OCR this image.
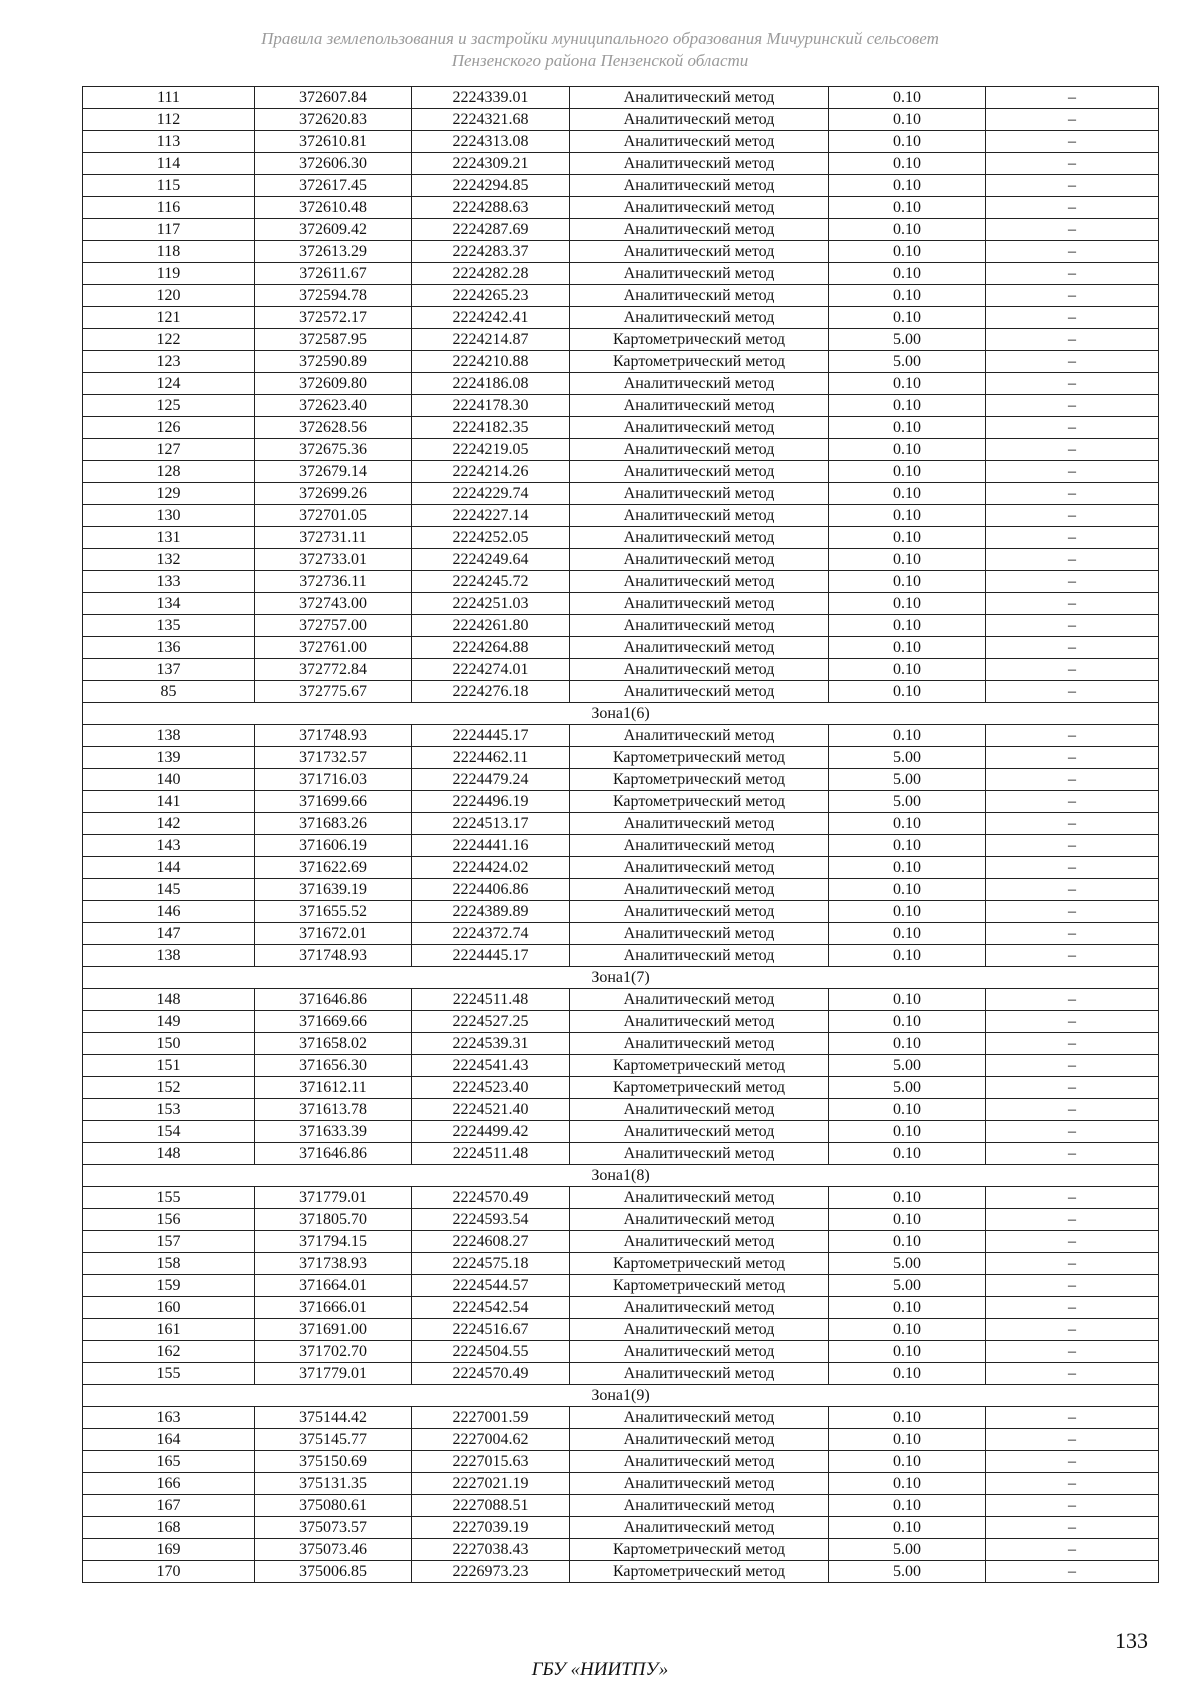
Правила землепользования и застройки муниципального образования Мичуринский сельсовет
Пензенского района Пензенской области
111	372607.84	2224339.01	Аналитический метод	0.10	–
112	372620.83	2224321.68	Аналитический метод	0.10	–
113	372610.81	2224313.08	Аналитический метод	0.10	–
114	372606.30	2224309.21	Аналитический метод	0.10	–
115	372617.45	2224294.85	Аналитический метод	0.10	–
116	372610.48	2224288.63	Аналитический метод	0.10	–
117	372609.42	2224287.69	Аналитический метод	0.10	–
118	372613.29	2224283.37	Аналитический метод	0.10	–
119	372611.67	2224282.28	Аналитический метод	0.10	–
120	372594.78	2224265.23	Аналитический метод	0.10	–
121	372572.17	2224242.41	Аналитический метод	0.10	–
122	372587.95	2224214.87	Картометрический метод	5.00	–
123	372590.89	2224210.88	Картометрический метод	5.00	–
124	372609.80	2224186.08	Аналитический метод	0.10	–
125	372623.40	2224178.30	Аналитический метод	0.10	–
126	372628.56	2224182.35	Аналитический метод	0.10	–
127	372675.36	2224219.05	Аналитический метод	0.10	–
128	372679.14	2224214.26	Аналитический метод	0.10	–
129	372699.26	2224229.74	Аналитический метод	0.10	–
130	372701.05	2224227.14	Аналитический метод	0.10	–
131	372731.11	2224252.05	Аналитический метод	0.10	–
132	372733.01	2224249.64	Аналитический метод	0.10	–
133	372736.11	2224245.72	Аналитический метод	0.10	–
134	372743.00	2224251.03	Аналитический метод	0.10	–
135	372757.00	2224261.80	Аналитический метод	0.10	–
136	372761.00	2224264.88	Аналитический метод	0.10	–
137	372772.84	2224274.01	Аналитический метод	0.10	–
85	372775.67	2224276.18	Аналитический метод	0.10	–
Зона1(6)					
138	371748.93	2224445.17	Аналитический метод	0.10	–
139	371732.57	2224462.11	Картометрический метод	5.00	–
140	371716.03	2224479.24	Картометрический метод	5.00	–
141	371699.66	2224496.19	Картометрический метод	5.00	–
142	371683.26	2224513.17	Аналитический метод	0.10	–
143	371606.19	2224441.16	Аналитический метод	0.10	–
144	371622.69	2224424.02	Аналитический метод	0.10	–
145	371639.19	2224406.86	Аналитический метод	0.10	–
146	371655.52	2224389.89	Аналитический метод	0.10	–
147	371672.01	2224372.74	Аналитический метод	0.10	–
138	371748.93	2224445.17	Аналитический метод	0.10	–
Зона1(7)					
148	371646.86	2224511.48	Аналитический метод	0.10	–
149	371669.66	2224527.25	Аналитический метод	0.10	–
150	371658.02	2224539.31	Аналитический метод	0.10	–
151	371656.30	2224541.43	Картометрический метод	5.00	–
152	371612.11	2224523.40	Картометрический метод	5.00	–
153	371613.78	2224521.40	Аналитический метод	0.10	–
154	371633.39	2224499.42	Аналитический метод	0.10	–
148	371646.86	2224511.48	Аналитический метод	0.10	–
Зона1(8)					
155	371779.01	2224570.49	Аналитический метод	0.10	–
156	371805.70	2224593.54	Аналитический метод	0.10	–
157	371794.15	2224608.27	Аналитический метод	0.10	–
158	371738.93	2224575.18	Картометрический метод	5.00	–
159	371664.01	2224544.57	Картометрический метод	5.00	–
160	371666.01	2224542.54	Аналитический метод	0.10	–
161	371691.00	2224516.67	Аналитический метод	0.10	–
162	371702.70	2224504.55	Аналитический метод	0.10	–
155	371779.01	2224570.49	Аналитический метод	0.10	–
Зона1(9)					
163	375144.42	2227001.59	Аналитический метод	0.10	–
164	375145.77	2227004.62	Аналитический метод	0.10	–
165	375150.69	2227015.63	Аналитический метод	0.10	–
166	375131.35	2227021.19	Аналитический метод	0.10	–
167	375080.61	2227088.51	Аналитический метод	0.10	–
168	375073.57	2227039.19	Аналитический метод	0.10	–
169	375073.46	2227038.43	Картометрический метод	5.00	–
170	375006.85	2226973.23	Картометрический метод	5.00	–
133
ГБУ «НИИТПУ»
